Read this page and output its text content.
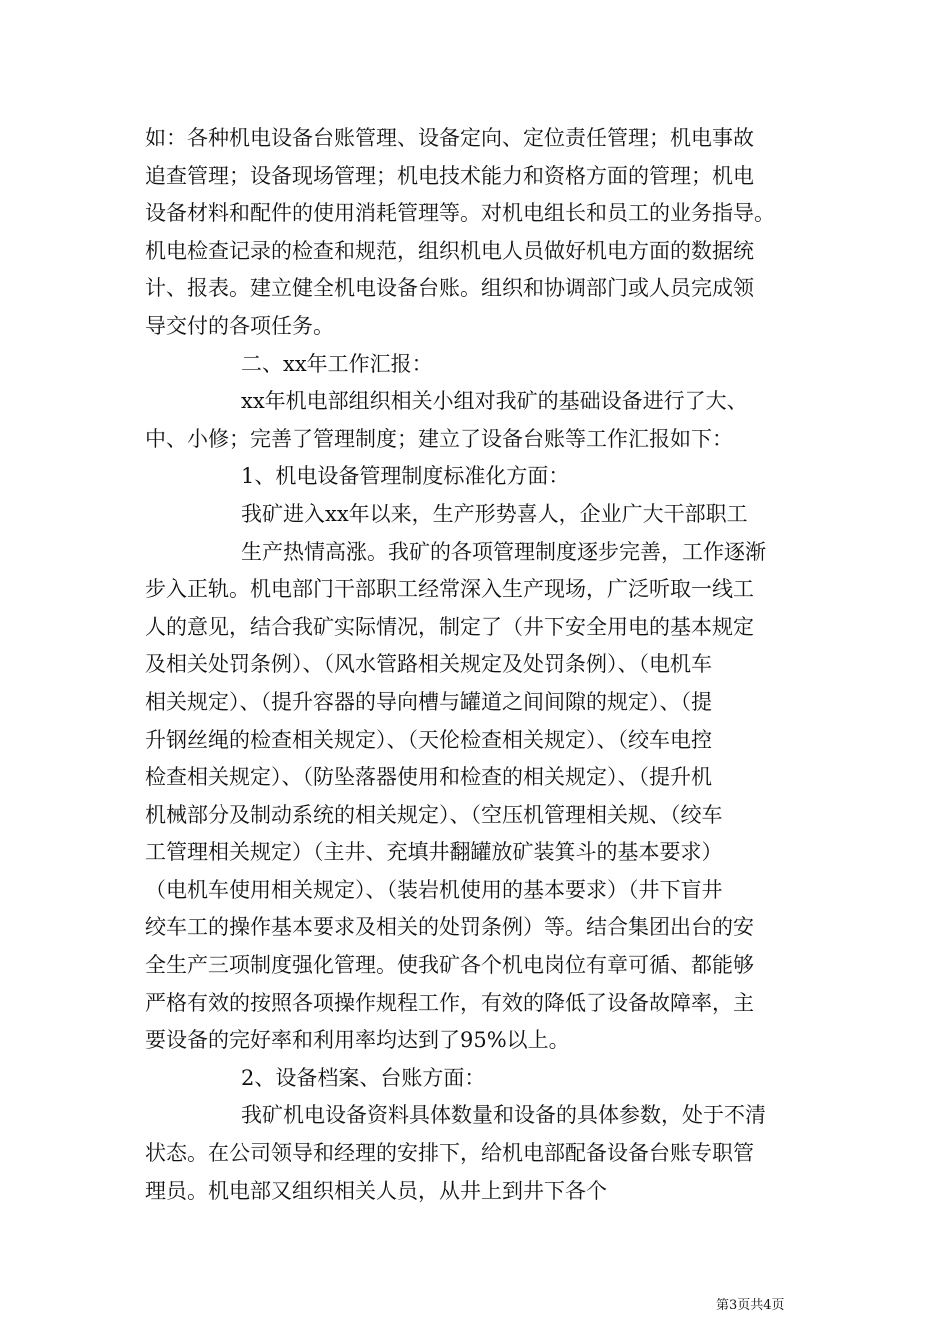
如：各种机电设备台账管理、设备定向、定位责任管理；机电事故
追查管理；设备现场管理；机电技术能力和资格方面的管理；机电
设备材料和配件的使用消耗管理等。对机电组长和员工的业务指导。
机电检查记录的检查和规范，组织机电人员做好机电方面的数据统
计、报表。建立健全机电设备台账。组织和协调部门或人员完成领
导交付的各项任务。
二、xx年工作汇报：
xx年机电部组织相关小组对我矿的基础设备进行了大、
中、小修；完善了管理制度；建立了设备台账等工作汇报如下：
1、机电设备管理制度标准化方面：
我矿进入xx年以来，生产形势喜人，企业广大干部职工
生产热情高涨。我矿的各项管理制度逐步完善，工作逐渐
步入正轨。机电部门干部职工经常深入生产现场，广泛听取一线工
人的意见，结合我矿实际情况，制定了（井下安全用电的基本规定
及相关处罚条例）、（风水管路相关规定及处罚条例）、（电机车
相关规定）、（提升容器的导向槽与罐道之间间隙的规定）、（提
升钢丝绳的检查相关规定）、（天伦检查相关规定）、（绞车电控
检查相关规定）、（防坠落器使用和检查的相关规定）、（提升机
机械部分及制动系统的相关规定）、（空压机管理相关规、（绞车
工管理相关规定）（主井、充填井翻罐放矿装箕斗的基本要求）
（电机车使用相关规定）、（装岩机使用的基本要求）（井下盲井
绞车工的操作基本要求及相关的处罚条例）等。结合集团出台的安
全生产三项制度强化管理。使我矿各个机电岗位有章可循、都能够
严格有效的按照各项操作规程工作，有效的降低了设备故障率，主
要设备的完好率和利用率均达到了95%以上。
2、设备档案、台账方面：
我矿机电设备资料具体数量和设备的具体参数，处于不清
状态。在公司领导和经理的安排下，给机电部配备设备台账专职管
理员。机电部又组织相关人员，从井上到井下各个
第3页共4页
